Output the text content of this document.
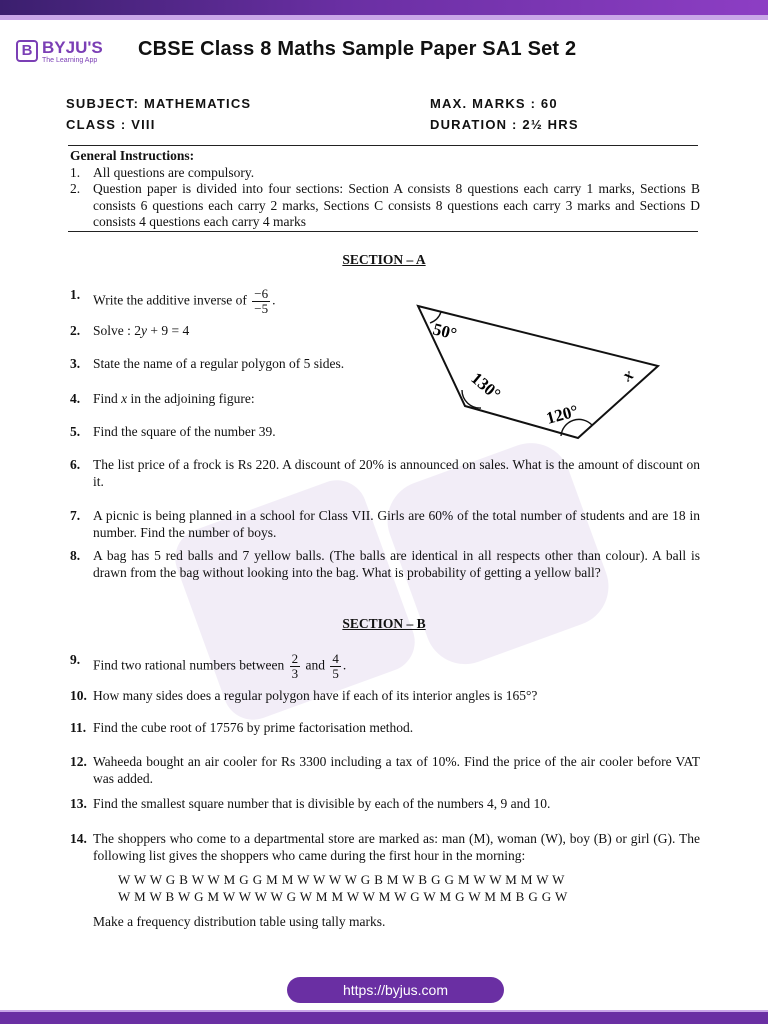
B BYJU'S
The Learning App
CBSE Class 8 Maths Sample Paper SA1 Set 2
SUBJECT: MATHEMATICS
CLASS : VIII
MAX. MARKS : 60
DURATION : 2½ HRS
General Instructions:
1. All questions are compulsory.
2. Question paper is divided into four sections: Section A consists 8 questions each carry 1 marks, Sections B consists 6 questions each carry 2 marks, Sections C consists 8 questions each carry 3 marks and Sections D consists 4 questions each carry 4 marks
SECTION – A
1. Write the additive inverse of $\frac{-6}{-5}$ .
2. Solve : 2y + 9 = 4
3. State the name of a regular polygon of 5 sides.
4. Find x in the adjoining figure:
5. Find the square of the number 39.
50°
130°
120°
x
6. The list price of a frock is Rs 220. A discount of 20% is announced on sales. What is the amount of discount on it.
7. A picnic is being planned in a school for Class VII. Girls are 60% of the total number of students and are 18 in number. Find the number of boys.
8. A bag has 5 red balls and 7 yellow balls. (The balls are identical in all respects other than colour). A ball is drawn from the bag without looking into the bag. What is probability of getting a yellow ball?
SECTION – B
9. Find two rational numbers between $\frac{2}{3}$ and $\frac{4}{5}$ .
10. How many sides does a regular polygon have if each of its interior angles is 165°?
11. Find the cube root of 17576 by prime factorisation method.
12. Waheeda bought an air cooler for Rs 3300 including a tax of 10%. Find the price of the air cooler before VAT was added.
13. Find the smallest square number that is divisible by each of the numbers 4, 9 and 10.
14. The shoppers who come to a departmental store are marked as: man (M), woman (W), boy (B) or girl (G). The following list gives the shoppers who came during the first hour in the morning:
W W W G B W W M G G M M W W W W G B M W B G G M W W M M W W
W M W B W G M W W W W G W M M W W M W G W M G W M M B G G W
Make a frequency distribution table using tally marks.
https://byjus.com
